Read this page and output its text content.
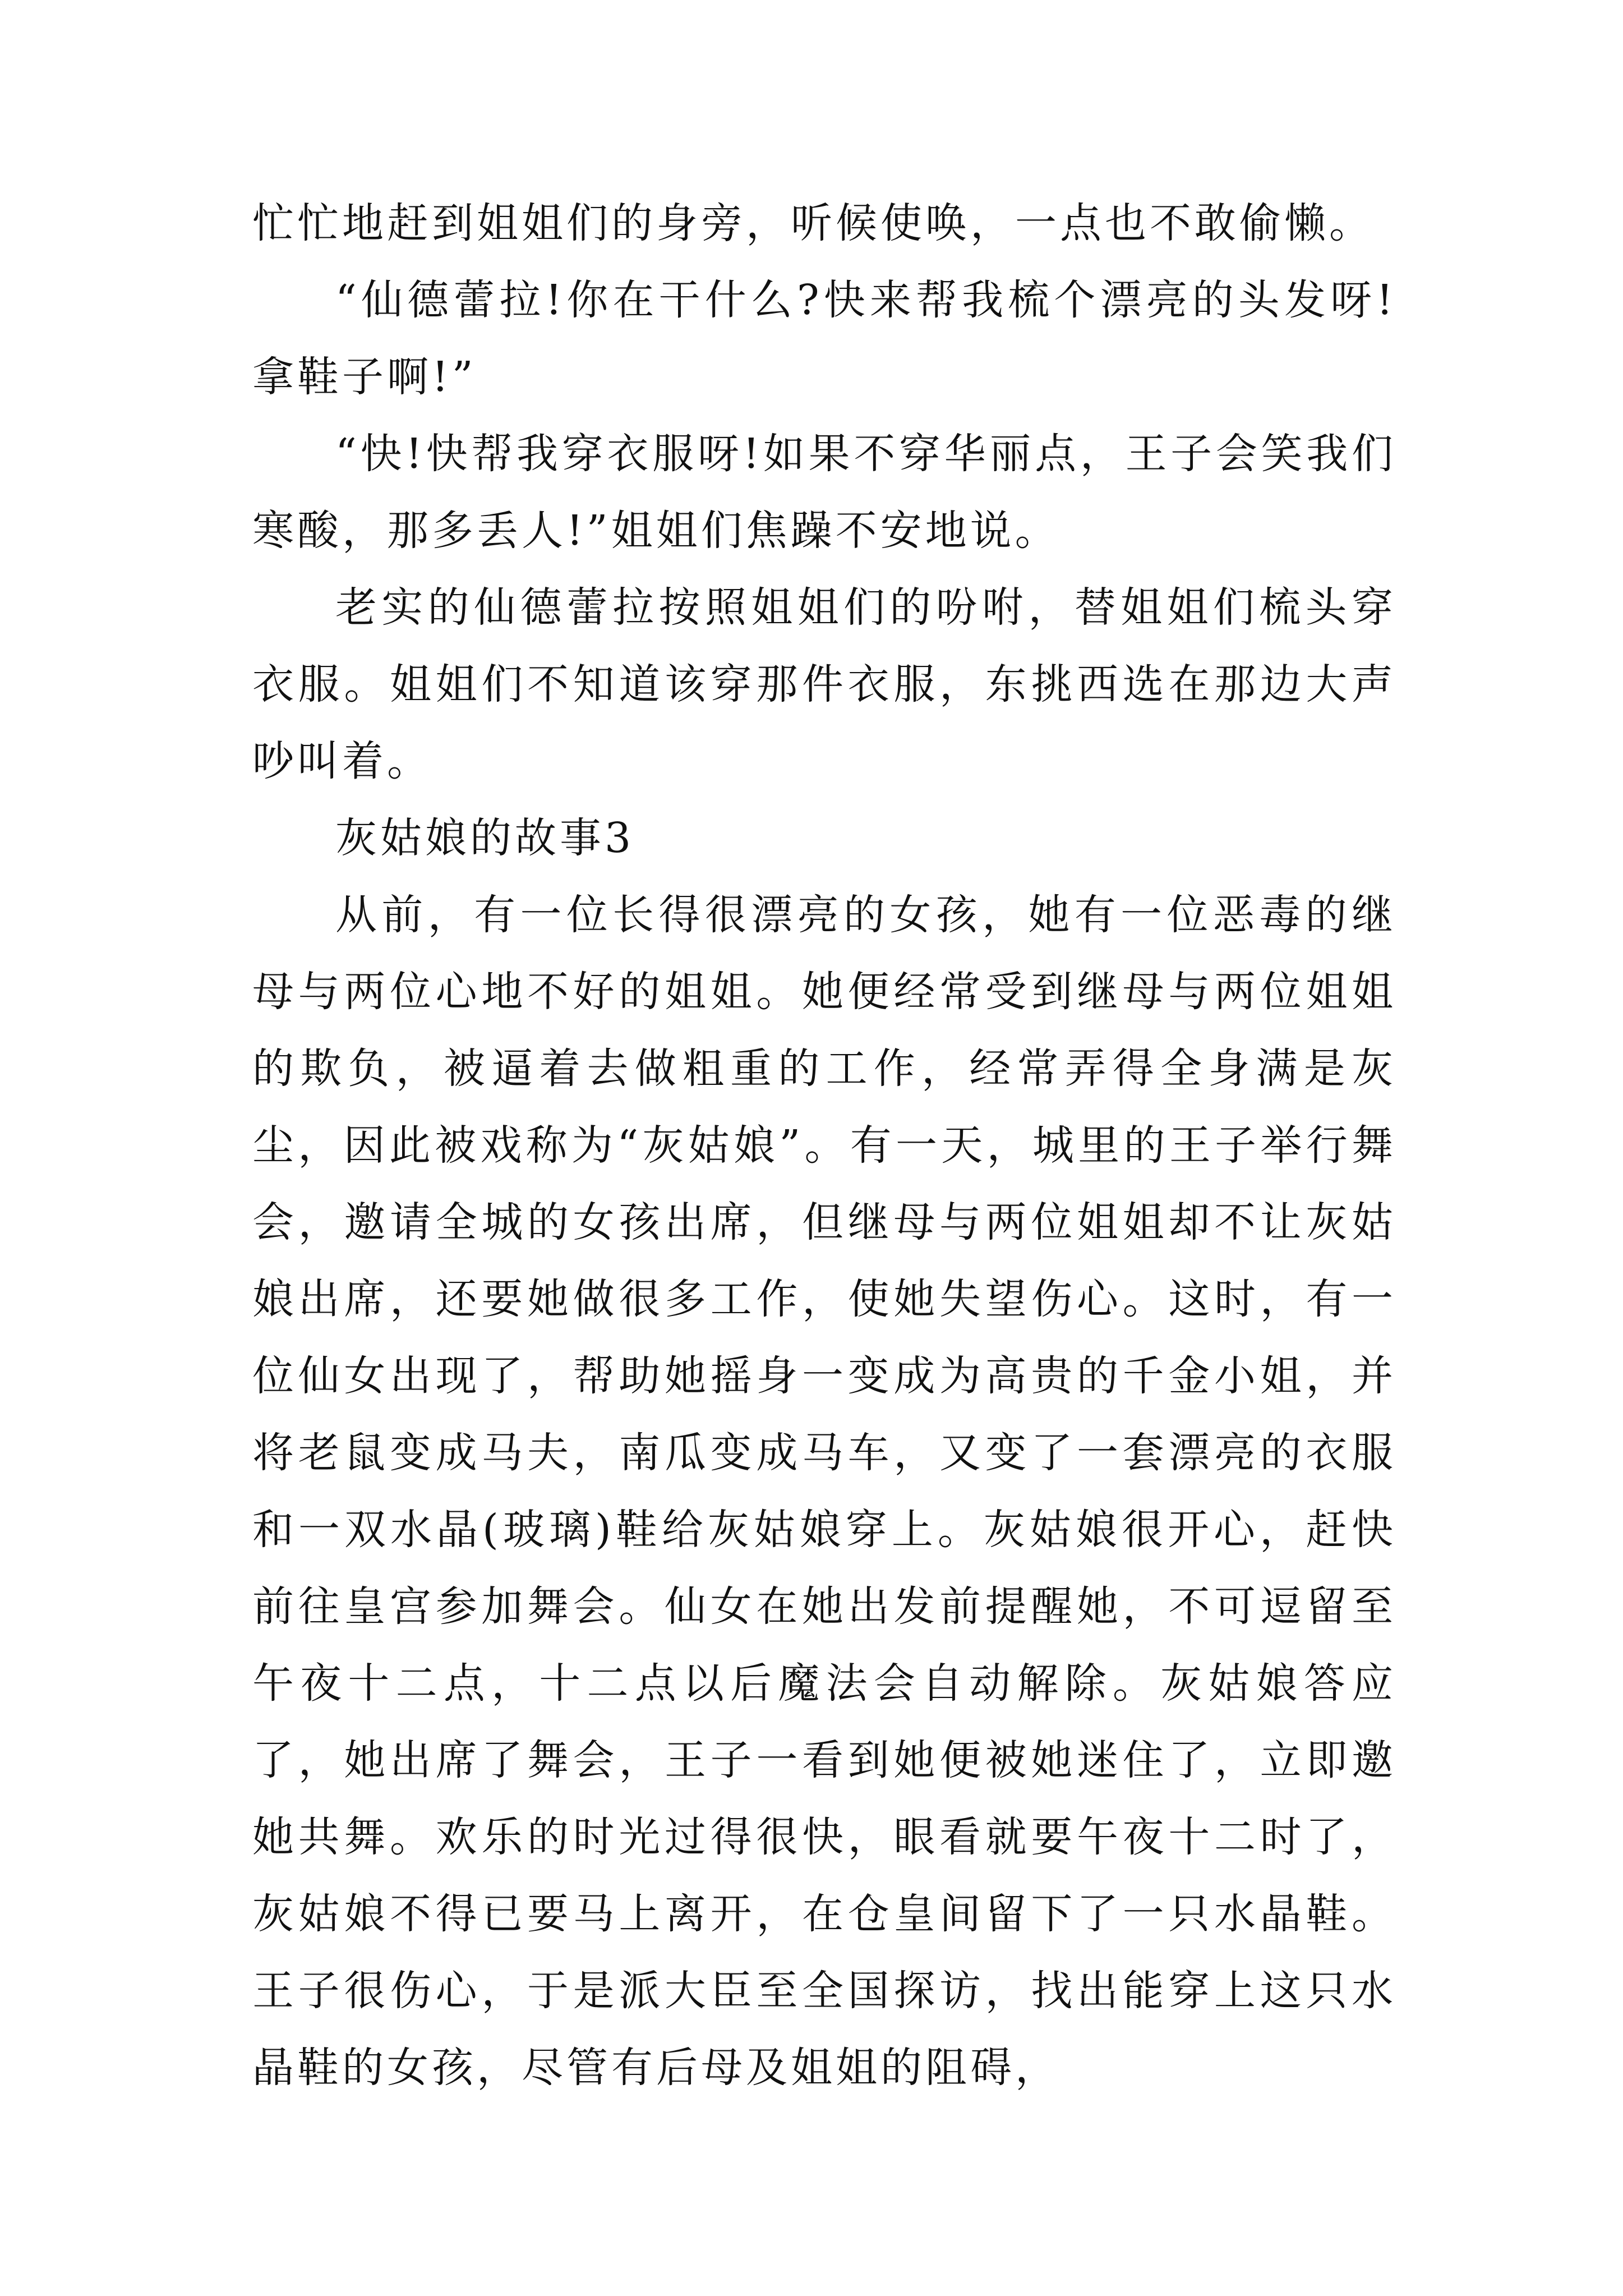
忙忙地赶到姐姐们的身旁，听候使唤，一点也不敢偷懒。

“仙德蕾拉!你在干什么?快来帮我梳个漂亮的头发呀!拿鞋子啊!”

“快!快帮我穿衣服呀!如果不穿华丽点，王子会笑我们寒酸，那多丢人!”姐姐们焦躁不安地说。

老实的仙德蕾拉按照姐姐们的吩咐，替姐姐们梳头穿衣服。姐姐们不知道该穿那件衣服，东挑西选在那边大声吵叫着。

灰姑娘的故事3

从前，有一位长得很漂亮的女孩，她有一位恶毒的继母与两位心地不好的姐姐。她便经常受到继母与两位姐姐的欺负，被逼着去做粗重的工作，经常弄得全身满是灰尘，因此被戏称为“灰姑娘”。有一天，城里的王子举行舞会，邀请全城的女孩出席，但继母与两位姐姐却不让灰姑娘出席，还要她做很多工作，使她失望伤心。这时，有一位仙女出现了，帮助她摇身一变成为高贵的千金小姐，并将老鼠变成马夫，南瓜变成马车，又变了一套漂亮的衣服和一双水晶(玻璃)鞋给灰姑娘穿上。灰姑娘很开心，赶快前往皇宫参加舞会。仙女在她出发前提醒她，不可逗留至午夜十二点，十二点以后魔法会自动解除。灰姑娘答应了，她出席了舞会，王子一看到她便被她迷住了，立即邀她共舞。欢乐的时光过得很快，眼看就要午夜十二时了，灰姑娘不得已要马上离开，在仓皇间留下了一只水晶鞋。王子很伤心，于是派大臣至全国探访，找出能穿上这只水晶鞋的女孩，尽管有后母及姐姐的阻碍，
